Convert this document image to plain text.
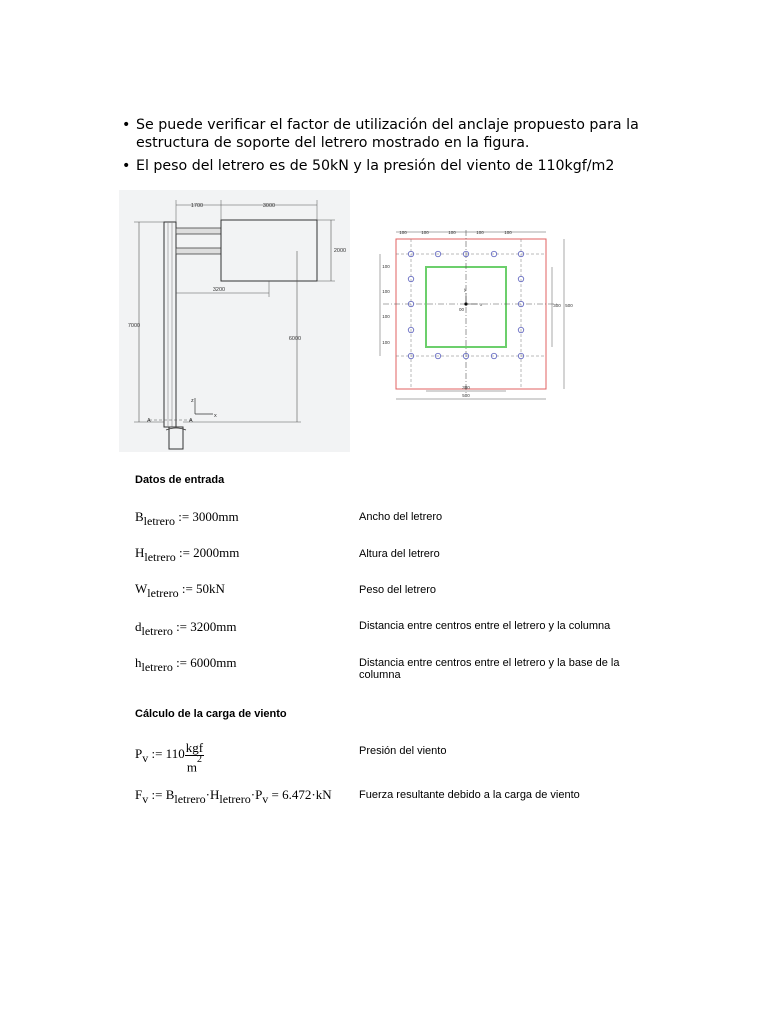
• Se puede verificar el factor de utilización del anclaje propuesto para la estructura de soporte del letrero mostrado en la figura.
• El peso del letrero es de 50kN y la presión del viento de 110kgf/m2
1700	3000
2000
3200
7000
6000
z
x
A	A
y
x
00
100	100	100	100	100
100
100
100
100
300 500
300
500
Datos de entrada
$B_{letrero}$ := 3000mm	Ancho del letrero
$H_{letrero}$ := 2000mm	Altura del letrero
$W_{letrero}$ := 50kN	Peso del letrero
$d_{letrero}$ := 3200mm	Distancia entre centros entre el letrero y la columna
$h_{letrero}$ := 6000mm	Distancia entre centros entre el letrero y la base de la columna
Cálculo de la carga de viento
$P_v$ := $110 \frac{\text{kgf}}{m^2}$	Presión del viento
$F_v$ := $B_{letrero}\cdot H_{letrero}\cdot P_v = 6.472\cdot kN$ Fuerza resultante debido a la carga de viento
